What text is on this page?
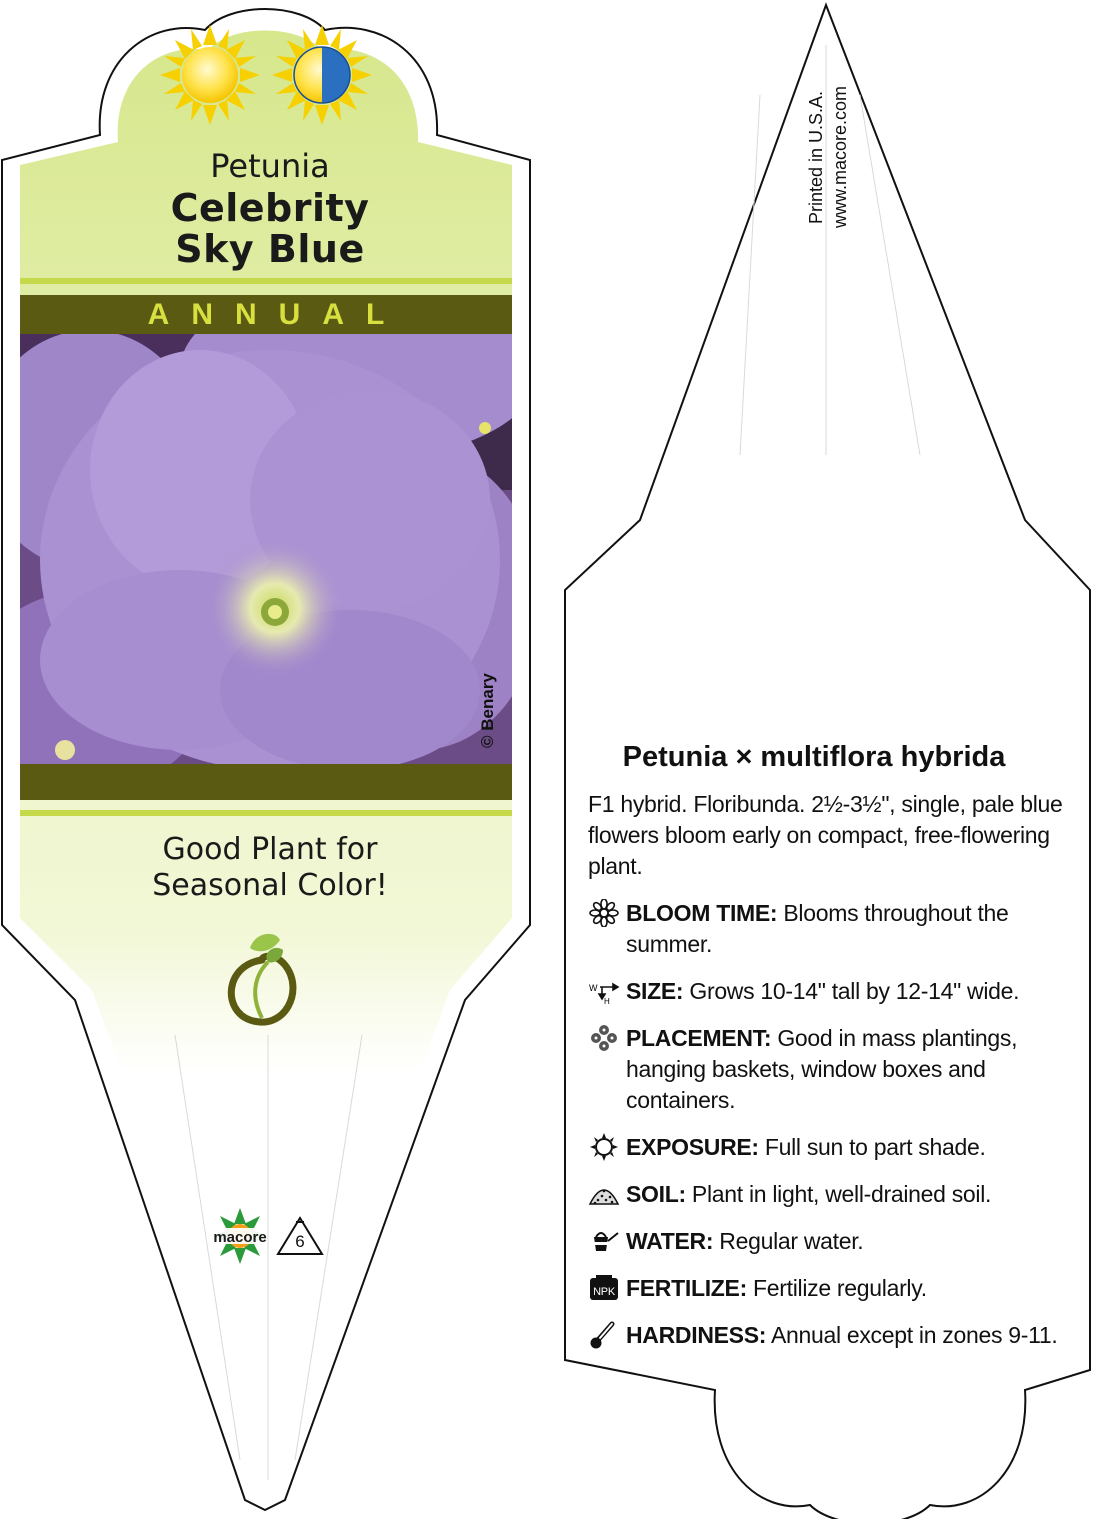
Petunia
Celebrity
Sky Blue
ANNUAL
© Benary
Good Plant for
Seasonal Color!
macore	6
Printed in U.S.A. www.macore.com
Petunia × multiflora hybrida
F1 hybrid. Floribunda. 2½-3½", single, pale blue flowers bloom early on compact, free-flowering plant.
BLOOM TIME: Blooms throughout the summer.
W
H SIZE: Grows 10-14" tall by 12-14" wide.
PLACEMENT: Good in mass plantings, hanging baskets, window boxes and containers.
EXPOSURE: Full sun to part shade.
SOIL: Plant in light, well-drained soil.
WATER: Regular water.
NPK FERTILIZE: Fertilize regularly.
HARDINESS: Annual except in zones 9-11.
